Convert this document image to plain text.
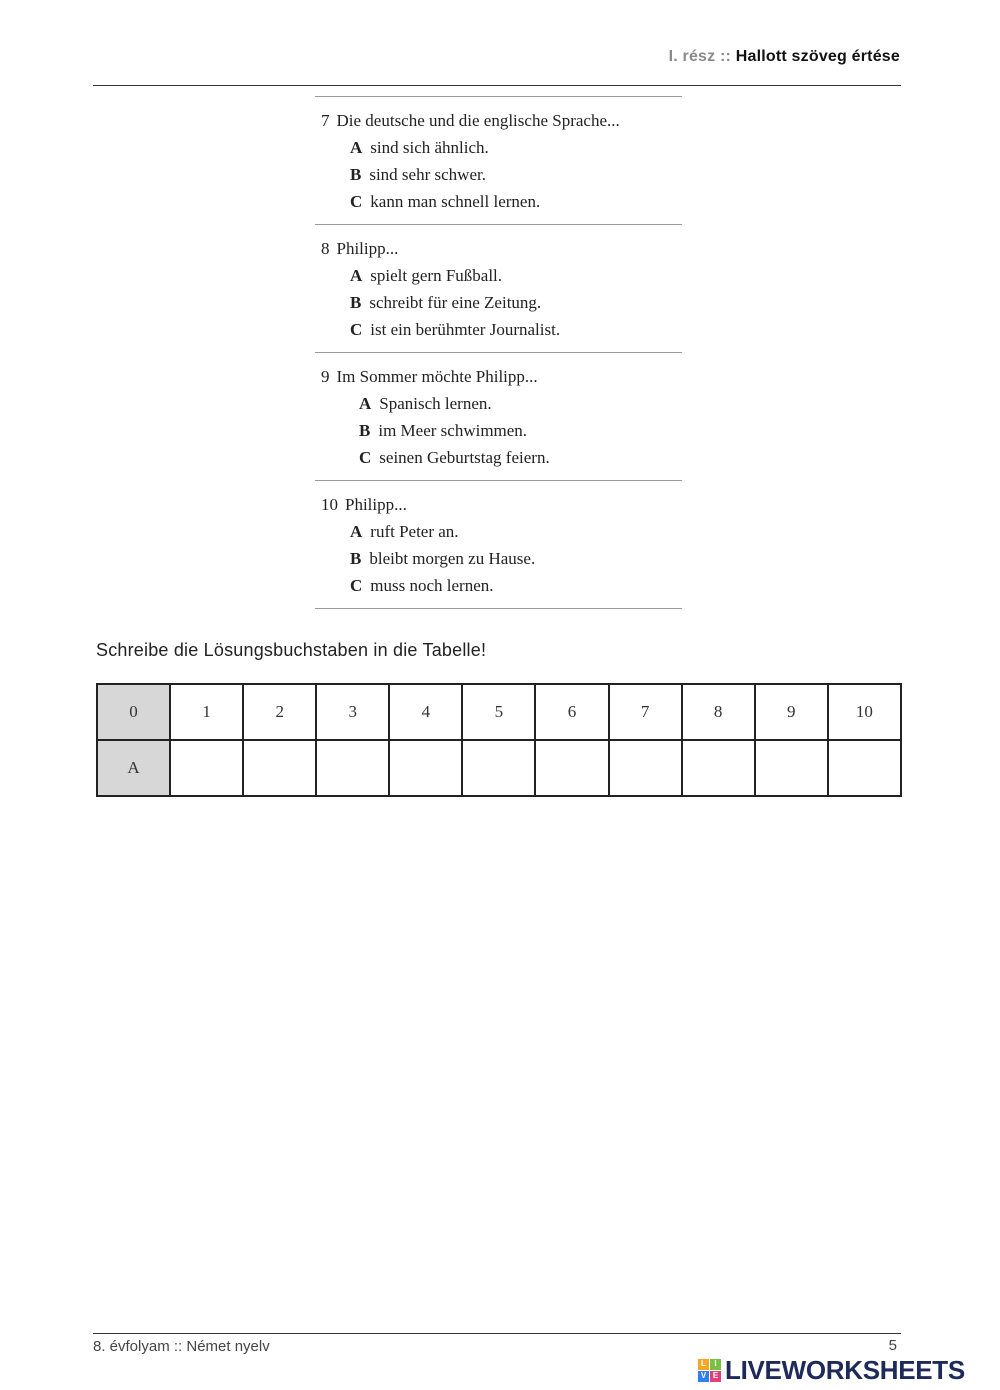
I. rész :: Hallott szöveg értése
7 Die deutsche und die englische Sprache...
A sind sich ähnlich.
B sind sehr schwer.
C kann man schnell lernen.
8 Philipp...
A spielt gern Fußball.
B schreibt für eine Zeitung.
C ist ein berühmter Journalist.
9 Im Sommer möchte Philipp...
A Spanisch lernen.
B im Meer schwimmen.
C seinen Geburtstag feiern.
10 Philipp...
A ruft Peter an.
B bleibt morgen zu Hause.
C muss noch lernen.
Schreibe die Lösungsbuchstaben in die Tabelle!
0	1	2	3	4	5	6	7	8	9	10
A										
8. évfolyam :: Német nyelv	5
L	I
V E LIVEWORKSHEETS
